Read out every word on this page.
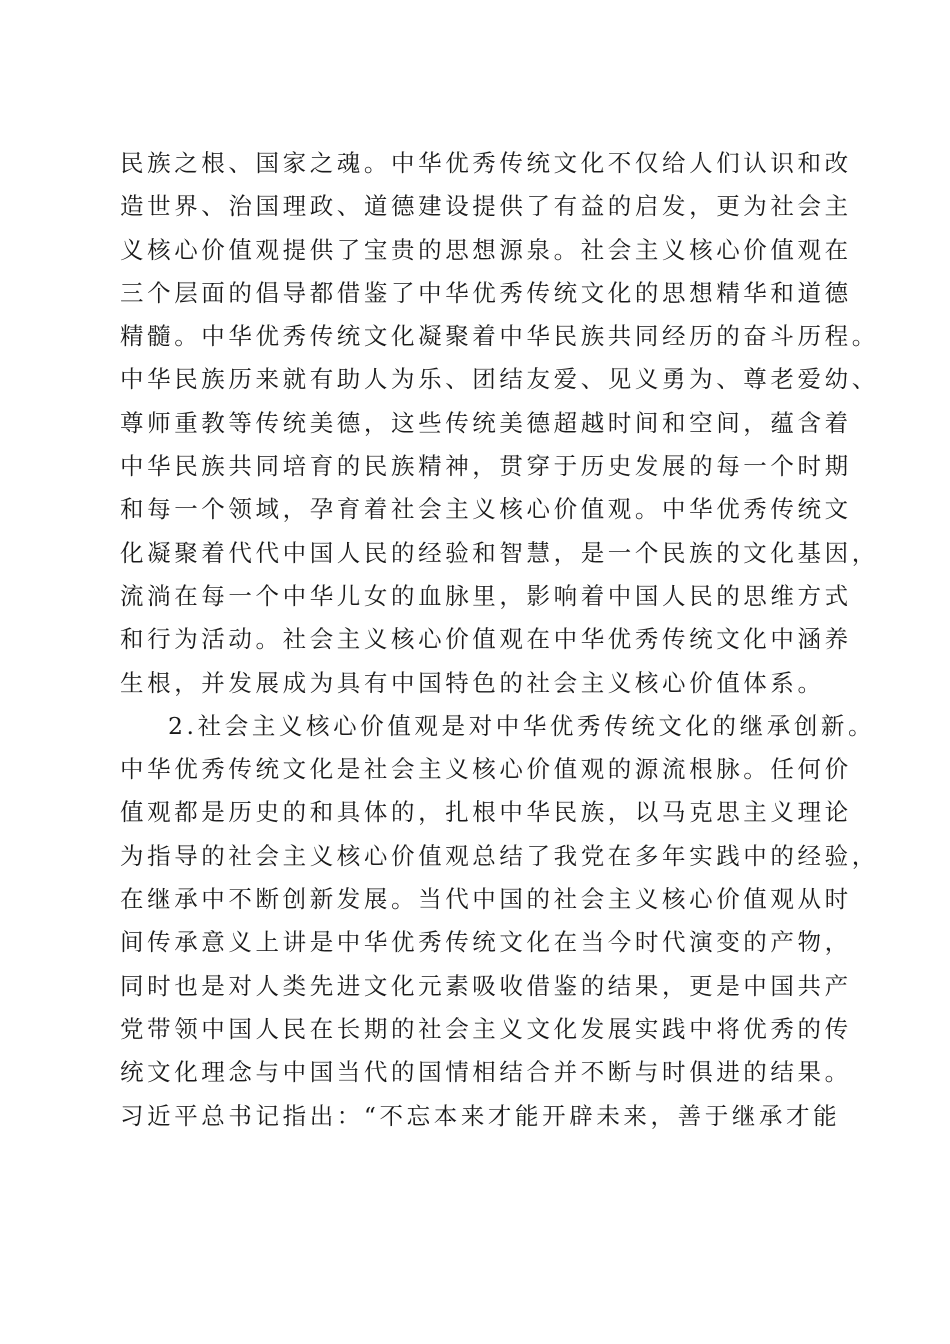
民族之根、国家之魂。中华优秀传统文化不仅给人们认识和改
造世界、治国理政、道德建设提供了有益的启发，更为社会主
义核心价值观提供了宝贵的思想源泉。社会主义核心价值观在
三个层面的倡导都借鉴了中华优秀传统文化的思想精华和道德
精髓。中华优秀传统文化凝聚着中华民族共同经历的奋斗历程。
中华民族历来就有助人为乐、团结友爱、见义勇为、尊老爱幼、
尊师重教等传统美德，这些传统美德超越时间和空间，蕴含着
中华民族共同培育的民族精神，贯穿于历史发展的每一个时期
和每一个领域，孕育着社会主义核心价值观。中华优秀传统文
化凝聚着代代中国人民的经验和智慧，是一个民族的文化基因，
流淌在每一个中华儿女的血脉里，影响着中国人民的思维方式
和行为活动。社会主义核心价值观在中华优秀传统文化中涵养
生根，并发展成为具有中国特色的社会主义核心价值体系。
2.社会主义核心价值观是对中华优秀传统文化的继承创新。
中华优秀传统文化是社会主义核心价值观的源流根脉。任何价
值观都是历史的和具体的，扎根中华民族，以马克思主义理论
为指导的社会主义核心价值观总结了我党在多年实践中的经验，
在继承中不断创新发展。当代中国的社会主义核心价值观从时
间传承意义上讲是中华优秀传统文化在当今时代演变的产物，
同时也是对人类先进文化元素吸收借鉴的结果，更是中国共产
党带领中国人民在长期的社会主义文化发展实践中将优秀的传
统文化理念与中国当代的国情相结合并不断与时俱进的结果。
习近平总书记指出：“不忘本来才能开辟未来，善于继承才能
